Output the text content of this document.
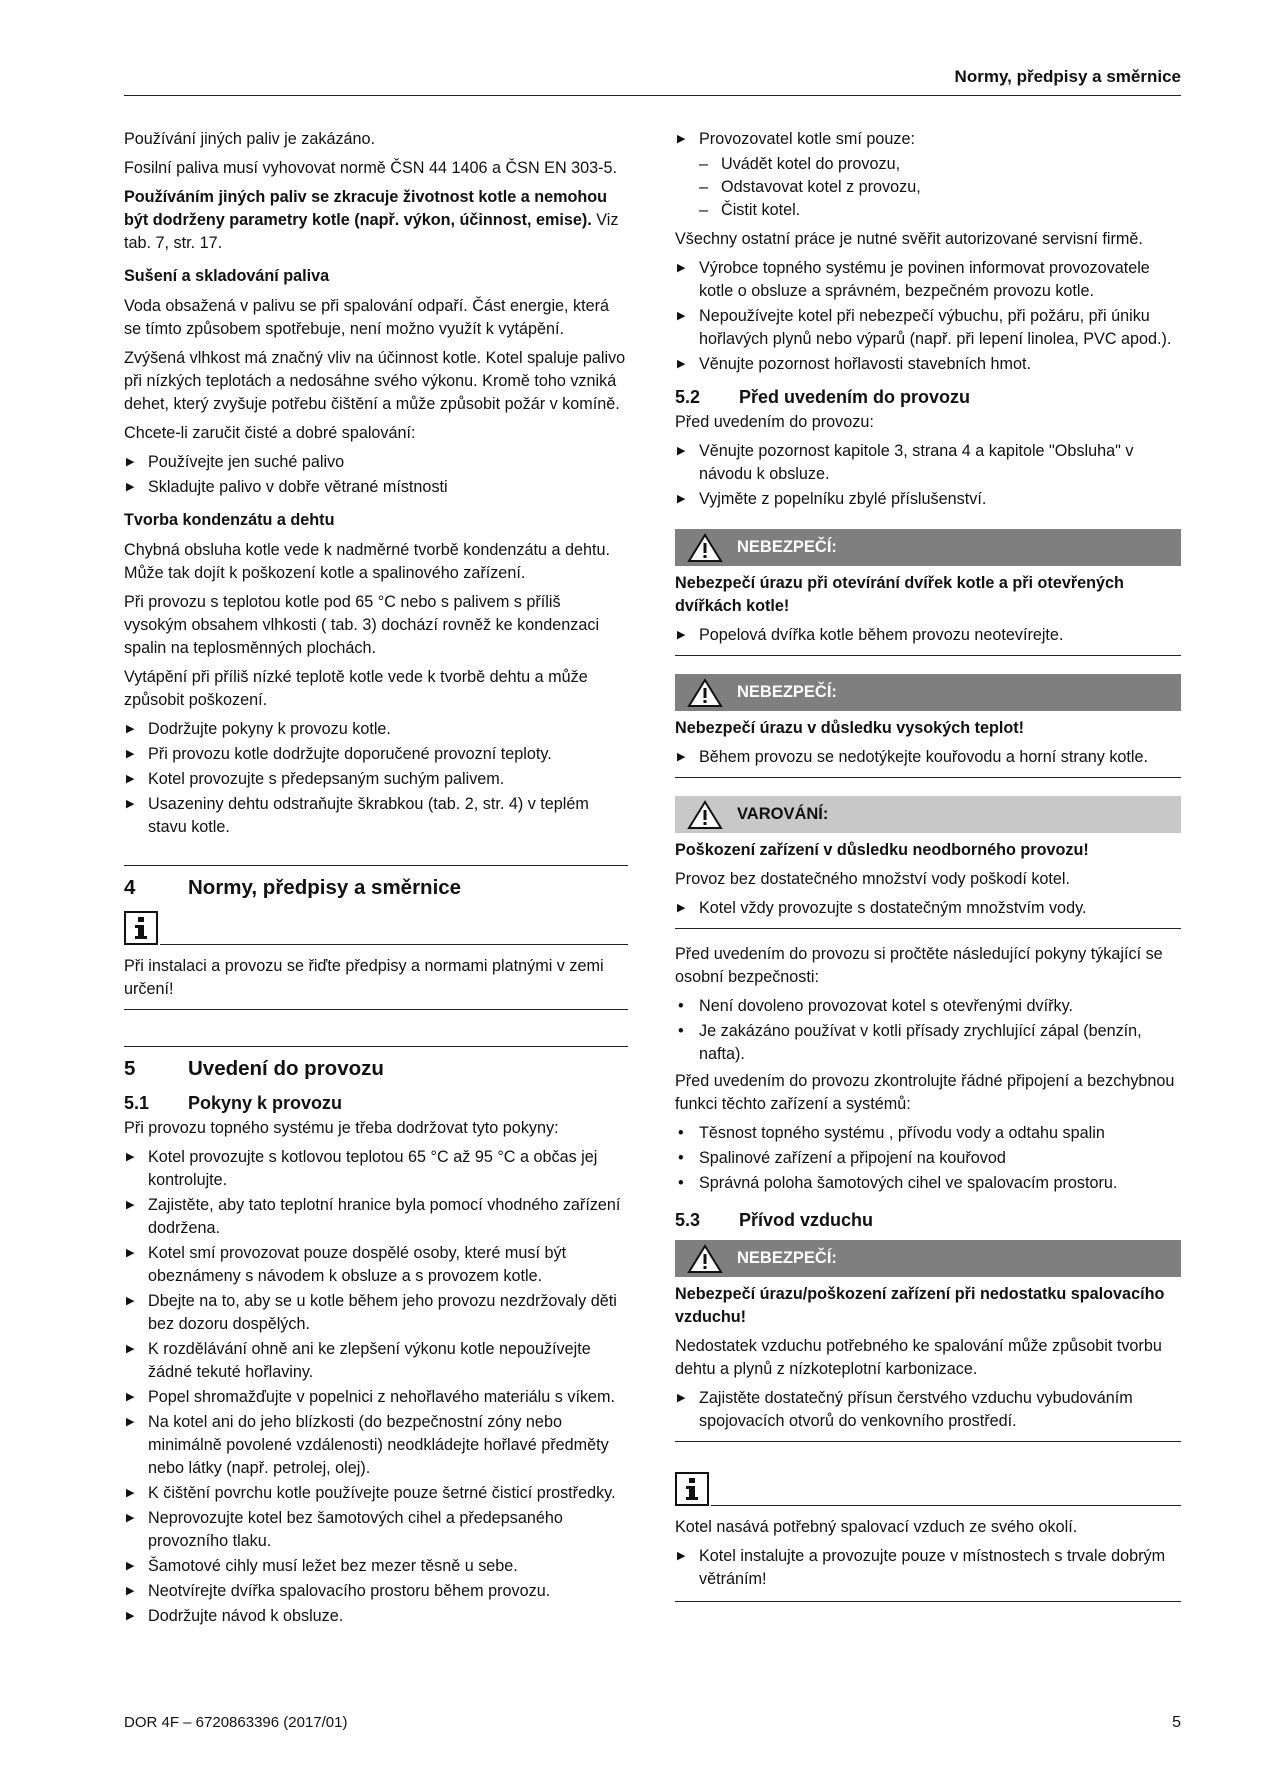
Normy, předpisy a směrnice

Používání jiných paliv je zakázáno.

Fosilní paliva musí vyhovovat normě ČSN 44 1406 a ČSN EN 303-5.

Používáním jiných paliv se zkracuje životnost kotle a nemohou být dodrženy parametry kotle (např. výkon, účinnost, emise). Viz tab. 7, str. 17.

Sušení a skladování paliva

Voda obsažená v palivu se při spalování odpaří. Část energie, která se tímto způsobem spotřebuje, není možno využít k vytápění.

Zvýšená vlhkost má značný vliv na účinnost kotle. Kotel spaluje palivo při nízkých teplotách a nedosáhne svého výkonu. Kromě toho vzniká dehet, který zvyšuje potřebu čištění a může způsobit požár v komíně.

Chcete-li zaručit čisté a dobré spalování:

▶ Používejte jen suché palivo
▶ Skladujte palivo v dobře větrané místnosti
Tvorba kondenzátu a dehtu

Chybná obsluha kotle vede k nadměrné tvorbě kondenzátu a dehtu. Může tak dojít k poškození kotle a spalinového zařízení.

Při provozu s teplotou kotle pod 65 °C nebo s palivem s příliš vysokým obsahem vlhkosti ( tab. 3) dochází rovněž ke kondenzaci spalin na teplosměnných plochách.

Vytápění při příliš nízké teplotě kotle vede k tvorbě dehtu a může způsobit poškození.

▶ Dodržujte pokyny k provozu kotle.
▶ Při provozu kotle dodržujte doporučené provozní teploty.
▶ Kotel provozujte s předepsaným suchým palivem.
▶ Usazeniny dehtu odstraňujte škrabkou (tab. 2, str. 4) v teplém stavu kotle.
4	Normy, předpisy a směrnice
Při instalaci a provozu se řiďte předpisy a normami platnými v zemi určení!
5	Uvedení do provozu
5.1	Pokyny k provozu

Při provozu topného systému je třeba dodržovat tyto pokyny:

▶ Kotel provozujte s kotlovou teplotou 65 °C až 95 °C a občas jej kontrolujte.
▶ Zajistěte, aby tato teplotní hranice byla pomocí vhodného zařízení dodržena.
▶ Kotel smí provozovat pouze dospělé osoby, které musí být obeznámeny s návodem k obsluze a s provozem kotle.
▶ Dbejte na to, aby se u kotle během jeho provozu nezdržovaly děti bez dozoru dospělých.
▶ K rozdělávání ohně ani ke zlepšení výkonu kotle nepoužívejte žádné tekuté hořlaviny.
▶ Popel shromažďujte v popelnici z nehořlavého materiálu s víkem.
▶ Na kotel ani do jeho blízkosti (do bezpečnostní zóny nebo minimálně povolené vzdálenosti) neodkládejte hořlavé předměty nebo látky (např. petrolej, olej).
▶ K čištění povrchu kotle používejte pouze šetrné čisticí prostředky.
▶ Neprovozujte kotel bez šamotových cihel a předepsaného provozního tlaku.
▶ Šamotové cihly musí ležet bez mezer těsně u sebe.
▶ Neotvírejte dvířka spalovacího prostoru během provozu.
▶ Dodržujte návod k obsluze.
▶ Provozovatel kotle smí pouze:
– Uvádět kotel do provozu,
– Odstavovat kotel z provozu,
– Čistit kotel.

Všechny ostatní práce je nutné svěřit autorizované servisní firmě.

▶ Výrobce topného systému je povinen informovat provozovatele kotle o obsluze a správném, bezpečném provozu kotle.
▶ Nepoužívejte kotel při nebezpečí výbuchu, při požáru, při úniku hořlavých plynů nebo výparů (např. při lepení linolea, PVC apod.).
▶ Věnujte pozornost hořlavosti stavebních hmot.
5.2	Před uvedením do provozu

Před uvedením do provozu:

▶ Věnujte pozornost kapitole 3, strana 4 a kapitole "Obsluha" v návodu k obsluze.
▶ Vyjměte z popelníku zbylé příslušenství.
NEBEZPEČÍ:

Nebezpečí úrazu při otevírání dvířek kotle a při otevřených dvířkách kotle!

▶ Popelová dvířka kotle během provozu neotevírejte.
NEBEZPEČÍ:

Nebezpečí úrazu v důsledku vysokých teplot!

▶ Během provozu se nedotýkejte kouřovodu a horní strany kotle.
VAROVÁNÍ:

Poškození zařízení v důsledku neodborného provozu!

Provoz bez dostatečného množství vody poškodí kotel.

▶ Kotel vždy provozujte s dostatečným množstvím vody.

Před uvedením do provozu si pročtěte následující pokyny týkající se osobní bezpečnosti:

• Není dovoleno provozovat kotel s otevřenými dvířky.
• Je zakázáno používat v kotli přísady zrychlující zápal (benzín, nafta).

Před uvedením do provozu zkontrolujte řádné připojení a bezchybnou funkci těchto zařízení a systémů:

• Těsnost topného systému , přívodu vody a odtahu spalin
• Spalinové zařízení a připojení na kouřovod
• Správná poloha šamotových cihel ve spalovacím prostoru.
5.3	Přívod vzduchu
NEBEZPEČÍ:

Nebezpečí úrazu/poškození zařízení při nedostatku spalovacího vzduchu!

Nedostatek vzduchu potřebného ke spalování může způsobit tvorbu dehtu a plynů z nízkoteplotní karbonizace.

▶ Zajistěte dostatečný přísun čerstvého vzduchu vybudováním spojovacích otvorů do venkovního prostředí.

Kotel nasává potřebný spalovací vzduch ze svého okolí.

▶ Kotel instalujte a provozujte pouze v místnostech s trvale dobrým větráním!
DOR 4F – 6720863396 (2017/01)	5
